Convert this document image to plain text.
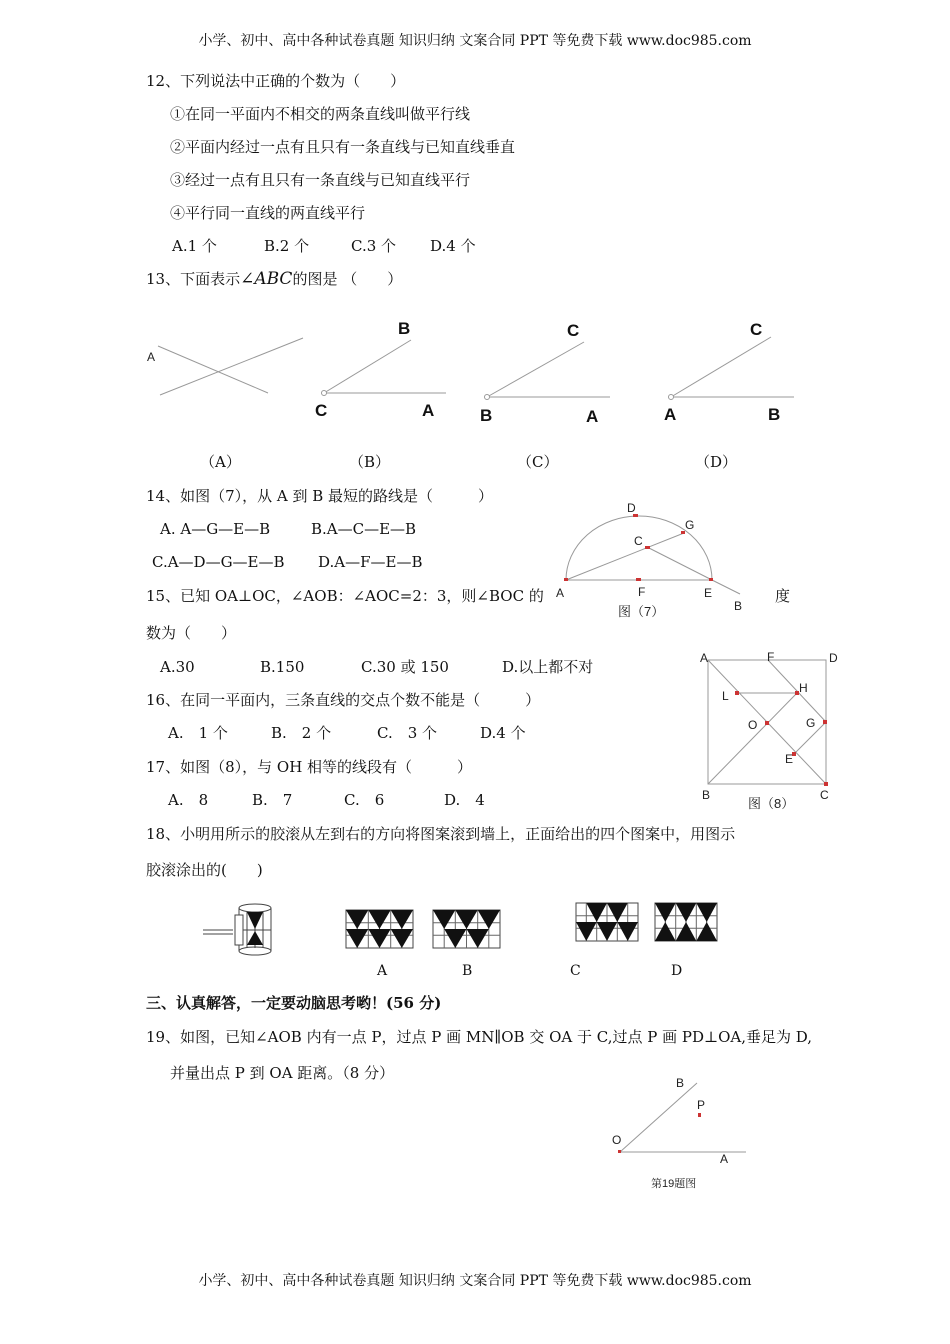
小学、初中、高中各种试卷真题 知识归纳 文案合同 PPT 等免费下载 www.doc985.com
12、下列说法中正确的个数为（　　）
①在同一平面内不相交的两条直线叫做平行线
②平面内经过一点有且只有一条直线与已知直线垂直
③经过一点有且只有一条直线与已知直线平行
④平行同一直线的两直线平行
A.1 个	B.2 个	C.3 个 D.4 个
13、下面表示∠ABC的图是 （　　）
A
B
C	A
C
B	A
C
A	B
D
G
C
A	F	E
B
图（7）
A	F	D
L
H
O	G
E
B	C
图（8）
B
P
O
A
第19题图
（A）	（B）	（C）	（D）
14、如图（7），从 A 到 B 最短的路线是（　　　）
A. A—G—E—B	B.A—C—E—B
C.A—D—G—E—B D.A—F—E—B
15、已知 OA⊥OC，∠AOB：∠AOC=2：3，则∠BOC 的	度
数为（　　）
A.30	B.150	C.30 或 150	D.以上都不对
16、在同一平面内，三条直线的交点个数不能是（　　　）
A.　1 个	B.　2 个	C.　3 个	D.4 个
17、如图（8），与 OH 相等的线段有（　　　）
A.　8	B.　7	C.　6	D.　4
18、小明用所示的胶滚从左到右的方向将图案滚到墙上，正面给出的四个图案中，用图示
胶滚涂出的(　　)
A	B	C	D
三、认真解答，一定要动脑思考哟！(56 分)
19、如图，已知∠AOB 内有一点 P，过点 P 画 MN∥OB 交 OA 于 C,过点 P 画 PD⊥OA,垂足为 D,
并量出点 P 到 OA 距离。（8 分）
小学、初中、高中各种试卷真题 知识归纳 文案合同 PPT 等免费下载 www.doc985.com
